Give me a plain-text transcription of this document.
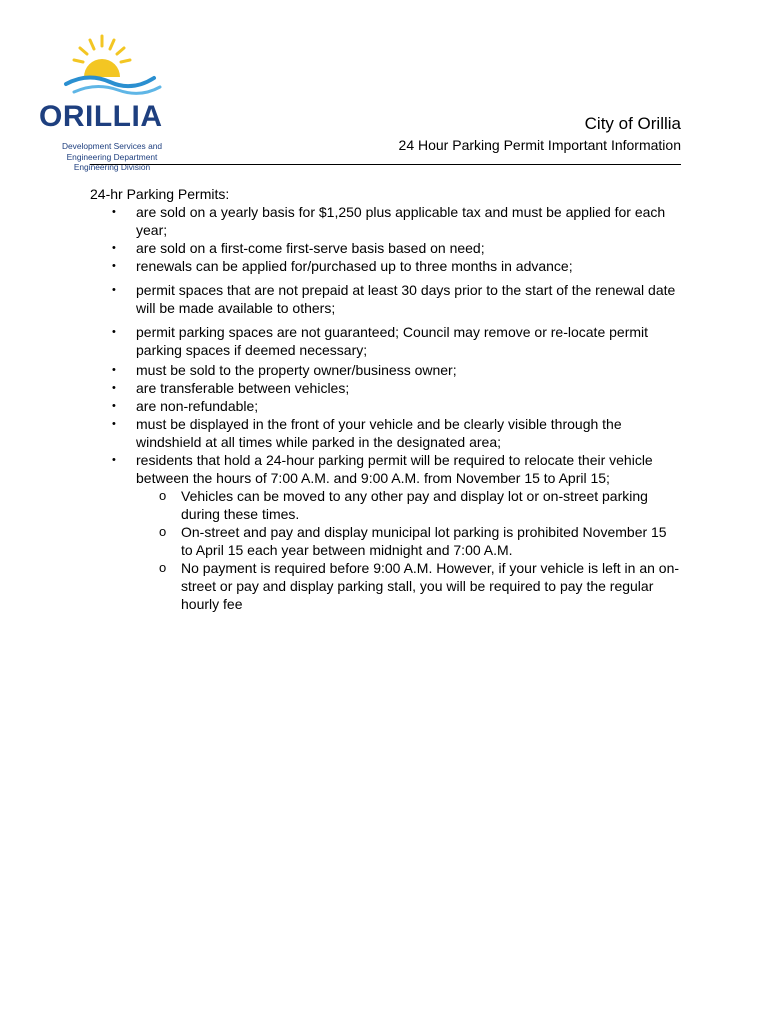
ORILLIA
Development Services and
Engineering Department
Engineering Division
City of Orillia
24 Hour Parking Permit Important Information

24-hr Parking Permits:

• are sold on a yearly basis for $1,250 plus applicable tax and must be applied for each year;
• are sold on a first-come first-serve basis based on need;
• renewals can be applied for/purchased up to three months in advance;
• permit spaces that are not prepaid at least 30 days prior to the start of the renewal date will be made available to others;
• permit parking spaces are not guaranteed; Council may remove or re-locate permit parking spaces if deemed necessary;
• must be sold to the property owner/business owner;
• are transferable between vehicles;
• are non-refundable;
• must be displayed in the front of your vehicle and be clearly visible through the windshield at all times while parked in the designated area;
• residents that hold a 24-hour parking permit will be required to relocate their vehicle between the hours of 7:00 A.M. and 9:00 A.M. from November 15 to April 15;
o Vehicles can be moved to any other pay and display lot or on-street parking during these times.
o On-street and pay and display municipal lot parking is prohibited November 15 to April 15 each year between midnight and 7:00 A.M.
o No payment is required before 9:00 A.M. However, if your vehicle is left in an on-street or pay and display parking stall, you will be required to pay the regular hourly fee
